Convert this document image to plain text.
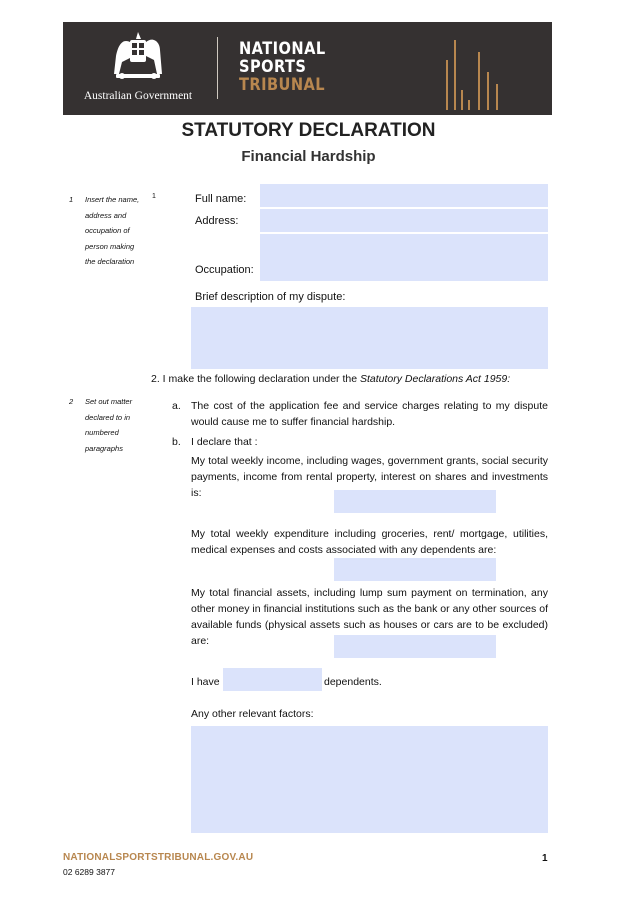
Australian Government
NATIONAL
SPORTS
TRIBUNAL
STATUTORY DECLARATION
Financial Hardship
1 Insert the name, address and occupation of person making the declaration
2 Set out matter declared to in numbered paragraphs
1	Full name:
Address:
Occupation:
Brief description of my dispute:
2. I make the following declaration under the Statutory Declarations Act 1959:
a. The cost of the application fee and service charges relating to my dispute would cause me to suffer financial hardship.
b. I declare that :
My total weekly income, including wages, government grants, social security payments, income from rental property, interest on shares and investments is:
My total weekly expenditure including groceries, rent/ mortgage, utilities, medical expenses and costs associated with any dependents are:
My total financial assets, including lump sum payment on termination, any other money in financial institutions such as the bank or any other sources of available funds (physical assets such as houses or cars are to be excluded) are:
I have	dependents.
Any other relevant factors:
NATIONALSPORTSTRIBUNAL.GOV.AU
02 6289 3877
1
